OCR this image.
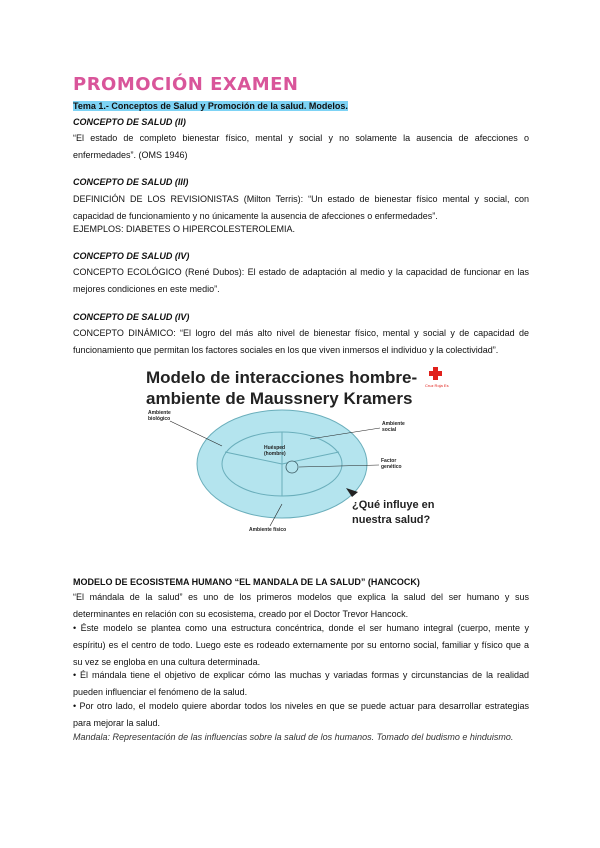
PROMOCIÓN EXAMEN
Tema 1.- Conceptos de Salud y Promoción de la salud. Modelos.
CONCEPTO DE SALUD (II)
“El estado de completo bienestar físico, mental y social y no solamente la ausencia de afecciones o enfermedades”. (OMS 1946)
CONCEPTO DE SALUD (III)
DEFINICIÓN DE LOS REVISIONISTAS (Milton Terris): “Un estado de bienestar físico mental y social, con capacidad de funcionamiento y no únicamente la ausencia de afecciones o enfermedades”.
EJEMPLOS: DIABETES O HIPERCOLESTEROLEMIA.
CONCEPTO DE SALUD (IV)
CONCEPTO ECOLÓGICO (René Dubos): El estado de adaptación al medio y la capacidad de funcionar en las mejores condiciones en este medio”.
CONCEPTO DE SALUD (IV)
CONCEPTO DINÁMICO: “El logro del más alto nivel de bienestar físico, mental y social y de capacidad de funcionamiento que permitan los factores sociales en los que viven inmersos el individuo y la colectividad”.
Modelo de interacciones hombre-
ambiente de Maussnery Kramers
Cruz Roja Es
Huésped
(hombre)
Ambiente
biológico
Ambiente
social
Factor
genético
Ambiente físico
¿Qué influye en
nuestra salud?
MODELO DE ECOSISTEMA HUMANO “EL MANDALA DE LA SALUD” (HANCOCK)
“El mándala de la salud” es uno de los primeros modelos que explica la salud del ser humano y sus determinantes en relación con su ecosistema, creado por el Doctor Trevor Hancock.
• Éste modelo se plantea como una estructura concéntrica, donde el ser humano integral (cuerpo, mente y espíritu) es el centro de todo. Luego este es rodeado externamente por su entorno social, familiar y físico que a su vez se engloba en una cultura determinada.
• Él mándala tiene el objetivo de explicar cómo las muchas y variadas formas y circunstancias de la realidad pueden influenciar el fenómeno de la salud.
• Por otro lado, el modelo quiere abordar todos los niveles en que se puede actuar para desarrollar estrategias para mejorar la salud.
Mandala: Representación de las influencias sobre la salud de los humanos. Tomado del budismo e hinduismo.
